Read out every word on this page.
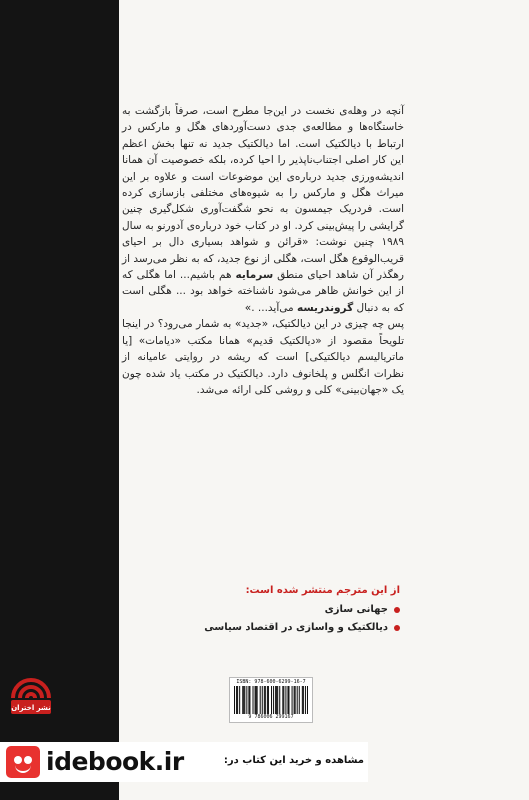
آنچه در وهله‌ی نخست در این‌جا مطرح است، صرفاً بازگشت به خاستگاه‌ها و مطالعه‌ی جدی دست‌آوردهای هگل و مارکس در ارتباط با دیالکتیک است. اما دیالکتیک جدید نه تنها بخش اعظم این کار اصلی اجتناب‌ناپذیر را احیا کرده، بلکه خصوصیت آن همانا اندیشه‌ورزی جدید درباره‌ی این موضوعات است و علاوه بر این میراث هگل و مارکس را به شیوه‌های مختلفی بازسازی کرده است. فردریک جیمسون به نحو شگفت‌آوری شکل‌گیری چنین گرایشی را پیش‌بینی کرد. او در کتاب خود درباره‌ی آدورنو به سال ۱۹۸۹ چنین نوشت: «قرائن و شواهد بسیاری دال بر احیای قریب‌الوقوع هگل است، هگلی از نوع جدید، که به نظر می‌رسد از رهگذر آن شاهد احیای منطق سرمایه هم باشیم... اما هگلی که از این خوانش ظاهر می‌شود ناشناخته خواهد بود ... هگلی است که به دنبال گروندریسه می‌آید... .»

پس چه چیزی در این دیالکتیک، «جدید» به شمار می‌رود؟ در اینجا تلویحاً مقصود از «دیالکتیک قدیم» همانا مکتب «دیامات» [یا ماتریالیسم دیالکتیکی] است که ریشه در روایتی عامیانه از نظرات انگلس و پلخانوف دارد. دیالکتیک در مکتب یاد شده چون یک «جهان‌بینی» کلی و روشی کلی ارائه می‌شد.

از این مترجم منتشر شده است:
جهانی سازی
دیالکتیک و واسازی در اقتصاد سیاسی
نشر اختران
ISBN: 978-600-6299-16-7
9 786006 299167
idebook.ir	مشاهده و خرید این کتاب در:
